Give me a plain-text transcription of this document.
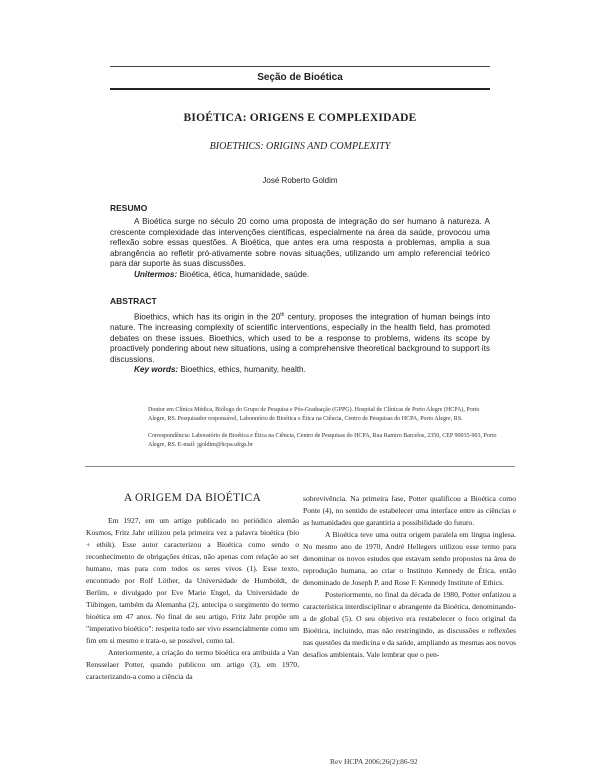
Seção de Bioética
BIOÉTICA: ORIGENS E COMPLEXIDADE
BIOETHICS: ORIGINS AND COMPLEXITY
José Roberto Goldim
RESUMO

A Bioética surge no século 20 como uma proposta de integração do ser humano à natureza. A crescente complexidade das intervenções científicas, especialmente na área da saúde, provocou uma reflexão sobre essas questões. A Bioética, que antes era uma resposta a problemas, amplia a sua abrangência ao refletir pró-ativamente sobre novas situações, utilizando um amplo referencial teórico para dar suporte às suas discussões.

Unitermos: Bioética, ética, humanidade, saúde.

ABSTRACT

Bioethics, which has its origin in the 20th century, proposes the integration of human beings into nature. The increasing complexity of scientific interventions, especially in the health field, has promoted debates on these issues. Bioethics, which used to be a response to problems, widens its scope by proactively pondering about new situations, using a comprehensive theoretical background to support its discussions.

Key words: Bioethics, ethics, humanity, health.

Doutor em Clínica Médica, Biólogo do Grupo de Pesquisa e Pós-Graduação (GPPG). Hospital de Clínicas de Porto Alegre (HCPA), Porto Alegre, RS. Pesquisador responsável, Laboratório de Bioética e Ética na Ciência, Centro de Pesquisas do HCPA, Porto Alegre, RS.

Correspondência: Laboratório de Bioética e Ética na Ciência, Centro de Pesquisas do HCPA, Rua Ramiro Barcelos, 2350, CEP 90035-903, Porto Alegre, RS. E-mail: jgoldim@hcpa.ufrgs.br

A ORIGEM DA BIOÉTICA

Em 1927, em um artigo publicado no periódico alemão Kosmos, Fritz Jahr utilizou pela primeira vez a palavra bioética (bio + ethik). Esse autor caracterizou a Bioética como sendo o reconhecimento de obrigações éticas, não apenas com relação ao ser humano, mas para com todos os seres vivos (1). Esse texto, encontrado por Rolf Löther, da Universidade de Humboldt, de Berlim, e divulgado por Eve Marie Engel, da Universidade de Tübingen, também da Alemanha (2), antecipa o surgimento do termo bioética em 47 anos. No final de seu artigo, Fritz Jahr propõe um "imperativo bioético": respeita todo ser vivo essencialmente como um fim em si mesmo e trata-o, se possível, como tal.

Anteriormente, a criação do termo bioética era atribuída a Van Rensselaer Potter, quando publicou um artigo (3), em 1970, caracterizando-a como a ciência da

sobrevivência. Na primeira fase, Potter qualificou a Bioética como Ponte (4), no sentido de estabelecer uma interface entre as ciências e as humanidades que garantiria a possibilidade do futuro.

A Bioética teve uma outra origem paralela em língua inglesa. No mesmo ano de 1970, André Hellegers utilizou esse termo para denominar os novos estudos que estavam sendo propostos na área de reprodução humana, ao criar o Instituto Kennedy de Ética, então denominado de Joseph P. and Rose F. Kennedy Institute of Ethics.

Posteriormente, no final da década de 1980, Potter enfatizou a característica interdisciplinar e abrangente da Bioética, denominando-a de global (5). O seu objetivo era restabelecer o foco original da Bioética, incluindo, mas não restringindo, as discussões e reflexões nas questões da medicina e da saúde, ampliando as mesmas aos novos desafios ambientais. Vale lembrar que o pen-

Rev HCPA 2006;26(2):86-92
